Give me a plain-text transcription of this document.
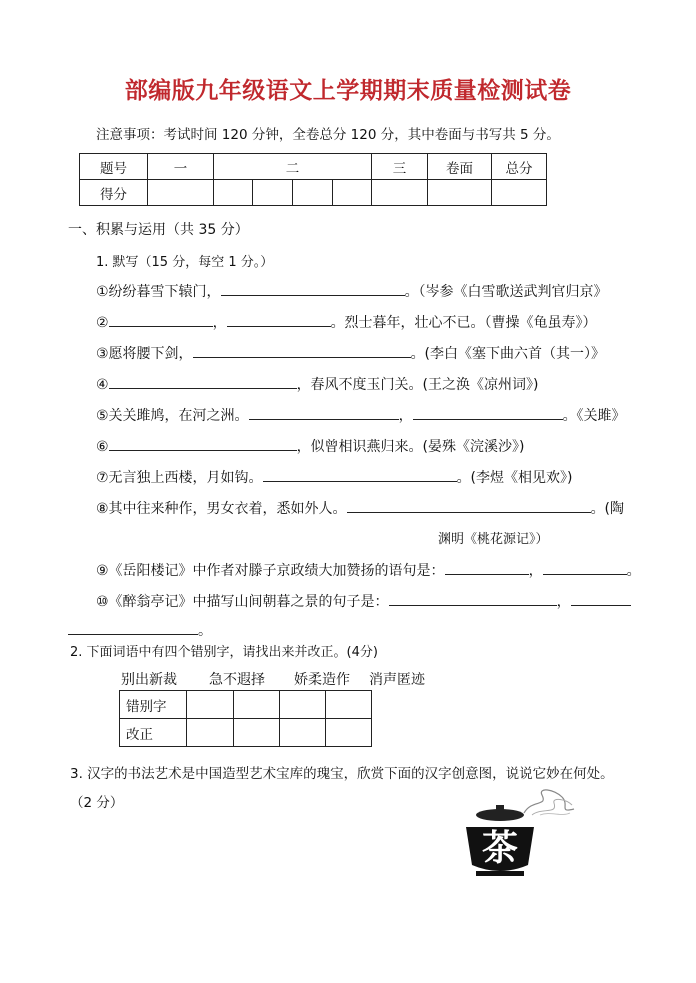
部编版九年级语文上学期期末质量检测试卷
注意事项：考试时间 120 分钟，全卷总分 120 分，其中卷面与书写共 5 分。
题号	一	二				三	卷面	总分
得分								
一、积累与运用（共 35 分）
1. 默写（15 分，每空 1 分。）
①纷纷暮雪下辕门，	。（岑参《白雪歌送武判官归京》
②	，	。烈士暮年，壮心不已。（曹操《龟虽寿》）
③愿将腰下剑，	。(李白《塞下曲六首（其一）》
④	，春风不度玉门关。(王之涣《凉州词》)
⑤关关雎鸠，在河之洲。	，	。《关雎》
⑥	，似曾相识燕归来。(晏殊《浣溪沙》)
⑦无言独上西楼，月如钩。	。(李煜《相见欢》)
⑧其中往来种作，男女衣着，悉如外人。	。(陶
渊明《桃花源记》）
⑨《岳阳楼记》中作者对滕子京政绩大加赞扬的语句是：	，	。
⑩《醉翁亭记》中描写山间朝暮之景的句子是：	，
。
2. 下面词语中有四个错别字，请找出来并改正。(4分)
别出新裁 急不遐择 娇柔造作 消声匿迹
错别字				
改正				
3. 汉字的书法艺术是中国造型艺术宝库的瑰宝，欣赏下面的汉字创意图，说说它妙在何处。
（2 分）
茶
